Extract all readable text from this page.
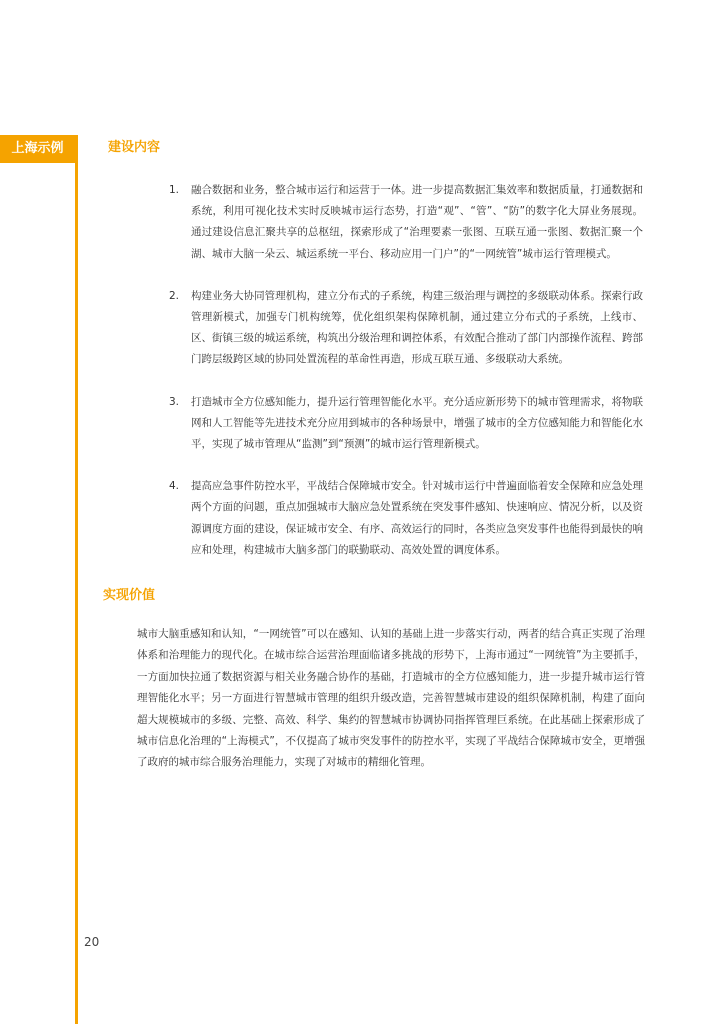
上海示例	建设内容
1.	融合数据和业务，整合城市运行和运营于一体。进一步提高数据汇集效率和数据质量，打通数据和系统，利用可视化技术实时反映城市运行态势，打造“观”、“管”、“防”的数字化大屏业务展现。通过建设信息汇聚共享的总枢纽，探索形成了“治理要素一张图、互联互通一张图、数据汇聚一个湖、城市大脑一朵云、城运系统一平台、移动应用一门户”的“一网统管”城市运行管理模式。
2.	构建业务大协同管理机构，建立分布式的子系统，构建三级治理与调控的多级联动体系。探索行政管理新模式，加强专门机构统筹，优化组织架构保障机制，通过建立分布式的子系统，上线市、区、街镇三级的城运系统，构筑出分级治理和调控体系，有效配合推动了部门内部操作流程、跨部门跨层级跨区域的协同处置流程的革命性再造，形成互联互通、多级联动大系统。
3.	打造城市全方位感知能力，提升运行管理智能化水平。充分适应新形势下的城市管理需求，将物联网和人工智能等先进技术充分应用到城市的各种场景中，增强了城市的全方位感知能力和智能化水平，实现了城市管理从“监测”到“预测”的城市运行管理新模式。
4.	提高应急事件防控水平，平战结合保障城市安全。针对城市运行中普遍面临着安全保障和应急处理两个方面的问题，重点加强城市大脑应急处置系统在突发事件感知、快速响应、情况分析，以及资源调度方面的建设，保证城市安全、有序、高效运行的同时，各类应急突发事件也能得到最快的响应和处理，构建城市大脑多部门的联勤联动、高效处置的调度体系。
实现价值

城市大脑重感知和认知，“一网统管”可以在感知、认知的基础上进一步落实行动，两者的结合真正实现了治理体系和治理能力的现代化。在城市综合运营治理面临诸多挑战的形势下，上海市通过“一网统管”为主要抓手，一方面加快拉通了数据资源与相关业务融合协作的基础，打造城市的全方位感知能力，进一步提升城市运行管理智能化水平；另一方面进行智慧城市管理的组织升级改造，完善智慧城市建设的组织保障机制，构建了面向超大规模城市的多级、完整、高效、科学、集约的智慧城市协调协同指挥管理巨系统。在此基础上探索形成了城市信息化治理的“上海模式”，不仅提高了城市突发事件的防控水平，实现了平战结合保障城市安全，更增强了政府的城市综合服务治理能力，实现了对城市的精细化管理。

20
